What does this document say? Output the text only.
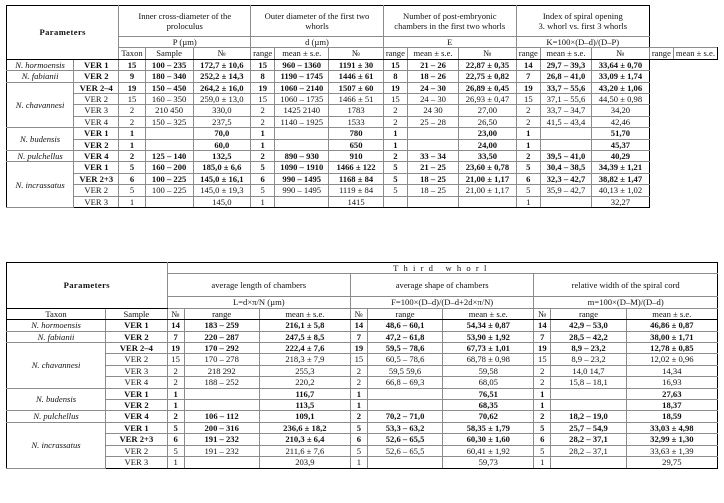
Parameters	
Inner cross-diameter of the
proloculus

Outer diameter of the first two
whorls

Number of post-embryonic
chambers in the first two whorls

Index of spiral opening
3. whorl vs. first 3 whorls

		P (µm)			d (µm)			E			K=100×(D–d)/(D–P)				
		Taxon	Sample	№	range	mean ± s.e.	№	range	mean ± s.e.	№	range	mean ± s.e.	№	range	mean ± s.e.
N. hormoensis	VER 1	15	100 – 235	172,7 ± 10,6	15	960 – 1360	1191 ± 30	15	21 – 26	22,87 ± 0,35	14	29,7 – 39,3	33,64 ± 0,70		
N. fabianii	VER 2	9	180 – 340	252,2 ± 14,3	8	1190 – 1745	1446 ± 61	8	18 – 26	22,75 ± 0,82	7	26,8 – 41,0	33,09 ± 1,74		
N. chavannesi	VER 2–4	19	150 – 450	264,2 ± 16,0	19	1060 – 2140	1507 ± 60	19	24 – 30	26,89 ± 0,45	19	33,7 – 55,6	43,20 ± 1,06		
	VER 2	15	160 – 350	259,0 ± 13,0	15	1060 – 1735	1466 ± 51	15	24 – 30	26,93 ± 0,47	15	37,1 – 55,6	44,50 ± 0,98		
	VER 3	2	210 450	330,0	2	1425 2140	1783	2	24 30	27,00	2	33,7 – 34,7	34,20		
	VER 4	2	150 – 325	237,5	2	1140 – 1925	1533	2	25 – 28	26,50	2	41,5 – 43,4	42,46		
N. budensis	VER 1	1		70,0	1		780	1		23,00	1		51,70		
	VER 2	1		60,0	1		650	1		24,00	1		45,37		
N. pulchellus	VER 4	2	125 – 140	132,5	2	890 – 930	910	2	33 – 34	33,50	2	39,5 – 41,0	40,29		
N. incrassatus	VER 1	5	160 – 200	185,0 ± 6,6	5	1090 – 1910	1466 ± 122	5	21 – 25	23,60 ± 0,78	5	30,4 – 38,5	34,39 ± 1,21		
	VER 2+3	6	100 – 225	145,0 ± 16,1	6	990 – 1495	1168 ± 84	5	18 – 25	21,00 ± 1,17	6	32,3 – 42,7	38,82 ± 1,47		
	VER 2	5	100 – 225	145,0 ± 19,3	5	990 – 1495	1119 ± 84	5	18 – 25	21,00 ± 1,17	5	35,9 – 42,7	40,13 ± 1,02		
	VER 3	1		145,0	1		1415				1		32,27		
Parameters		Third whorl								

		average length of chambers			average shape of chambers			relative width of the spiral cord		

		L=d×π/N (µm)			F=100×(D–d)/(D–d+2d×π/N)			m=100×(D–M)/(D–d)		
Taxon	Sample	№	range	mean ± s.e.	№	range	mean ± s.e.	№	range	mean ± s.e.
N. hormoensis	VER 1	14	183 – 259	216,1 ± 5,8	14	48,6 – 60,1	54,34 ± 0,87	14	42,9 – 53,0	46,86 ± 0,87
N. fabianii	VER 2	7	220 – 287	247,5 ± 8,5	7	47,2 – 61,8	53,90 ± 1,92	7	28,5 – 42,2	38,00 ± 1,71
N. chavannesi	VER 2–4	19	170 – 292	222,4 ± 7,6	19	59,5 – 78,6	67,73 ± 1,01	19	8,9 – 23,2	12,78 ± 0,85
	VER 2	15	170 – 278	218,3 ± 7,9	15	60,5 – 78,6	68,78 ± 0,98	15	8,9 – 23,2	12,02 ± 0,96
	VER 3	2	218 292	255,3	2	59,5 59,6	59,58	2	14,0 14,7	14,34
	VER 4	2	188 – 252	220,2	2	66,8 – 69,3	68,05	2	15,8 – 18,1	16,93
N. budensis	VER 1	1		116,7	1		76,51	1		27,63
	VER 2	1		113,5	1		68,35	1		18,37
N. pulchellus	VER 4	2	106 – 112	109,1	2	70,2 – 71,0	70,62	2	18,2 – 19,0	18,59
N. incrassatus	VER 1	5	200 – 316	236,6 ± 18,2	5	53,3 – 63,2	58,35 ± 1,79	5	25,7 – 54,9	33,03 ± 4,98
	VER 2+3	6	191 – 232	210,3 ± 6,4	6	52,6 – 65,5	60,30 ± 1,60	6	28,2 – 37,1	32,99 ± 1,30
	VER 2	5	191 – 232	211,6 ± 7,6	5	52,6 – 65,5	60,41 ± 1,92	5	28,2 – 37,1	33,63 ± 1,39
	VER 3	1		203,9	1		59,73	1		29,75
